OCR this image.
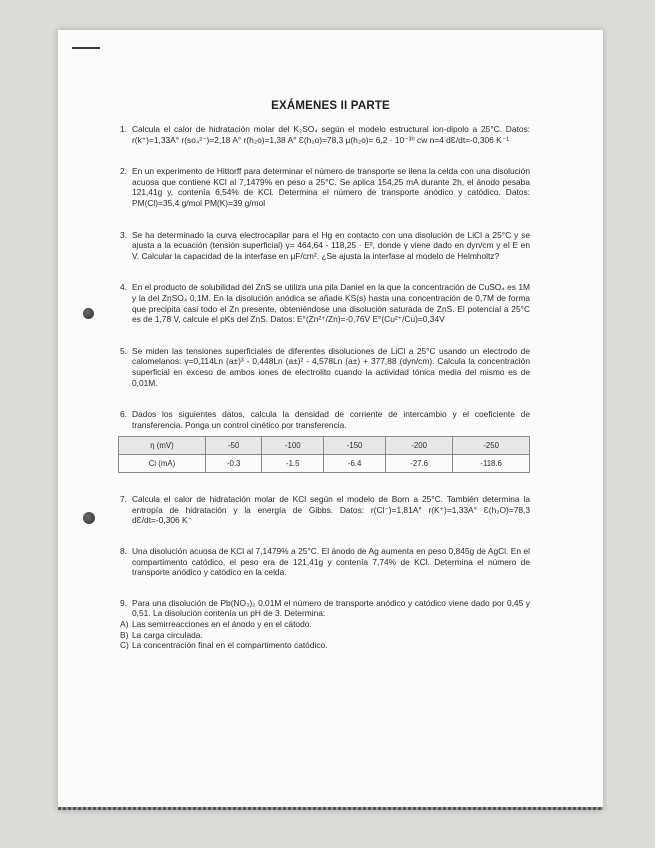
EXÁMENES II PARTE
1. Calcula el calor de hidratación molar del K₂SO₄ según el modelo estructural ion-dipolo a 25°C. Datos: r(k⁺)=1,33A° r(so₄²⁻)=2,18 A° r(h₂o)=1,38 A° Ɛ(h₂o)=78,3 μ(h₂o)= 6,2 · 10⁻³⁰ cw n=4 dƐ/dt=-0,306 K⁻¹
2. En un experimento de Hittorff para determinar el número de transporte se llena la celda con una disolución acuosa que contiene KCl al 7,1479% en peso a 25°C. Se aplica 154,25 mA durante 2h, el ánodo pesaba 121,41g y, contenía 6,54% de KCl. Determina el número de transporte anódico y catódico. Datos: PM(Cl)=35,4 g/mol PM(K)=39 g/mol
3. Se ha determinado la curva electrocapilar para el Hg en contacto con una disolución de LiCl a 25°C y se ajusta a la ecuación (tensión superficial) γ= 464,64 - 118,25 · E², donde γ viene dado en dyn/cm y el E en V. Calcular la capacidad de la interfase en μF/cm². ¿Se ajusta la interfase al modelo de Helmholtz?
4. En el producto de solubilidad del ZnS se utiliza una pila Daniel en la que la concentración de CuSO₄ es 1M y la del ZnSO₄ 0,1M. En la disolución anódica se añade KS(s) hasta una concentración de 0,7M de forma que precipita casi todo el Zn presente, obteniéndose una disolución saturada de ZnS. El potencial a 25°C es de 1,78 V, calcule el pKs del ZnS. Datos: E°(Zn²⁺/Zn)=-0,76V E°(Cu²⁺/Cu)=0,34V
5. Se miden las tensiones superficiales de diferentes disoluciones de LiCl a 25°C usando un electrodo de calomelanos: γ=0,114Ln (a±)³ - 0,448Ln (a±)² - 4,578Ln (a±) + 377,88 (dyn/cm). Calcula la concentración superficial en exceso de ambos iones de electrolito cuando la actividad tónica media del mismo es de 0,01M.
6. Dados los siguientes datos, calcula la densidad de corriente de intercambio y el coeficiente de transferencia. Ponga un control cinético por transferencia.
η (mV)	-50	-100	-150	-200	-250
Ci (mA)	-0.3	-1.5	-6.4	-27.6	-118.6
7. Calcula el calor de hidratación molar de KCl según el modelo de Born a 25°C. También determina la entropía de hidratación y la energía de Gibbs. Datos: r(Cl⁻)=1,81A° r(K⁺)=1,33A° Ɛ(h₂O)=78,3 dƐ/dt=-0,306 K⁻
8. Una disolución acuosa de KCl al 7,1479% a 25°C. El ánodo de Ag aumenta en peso 0,845g de AgCl. En el compartimento catódico, el peso era de 121,41g y contenía 7,74% de KCl. Determina el número de transporte anódico y catódico en la celda.
9. Para una disolución de Pb(NO₃)₂ 0,01M el número de transporte anódico y catódico viene dado por 0,45 y 0,51. La disolución contenía un pH de 3. Determina:
A) Las semirreacciones en el ánodo y en el cátodo.
B) La carga circulada.
C) La concentración final en el compartimento catódico.
